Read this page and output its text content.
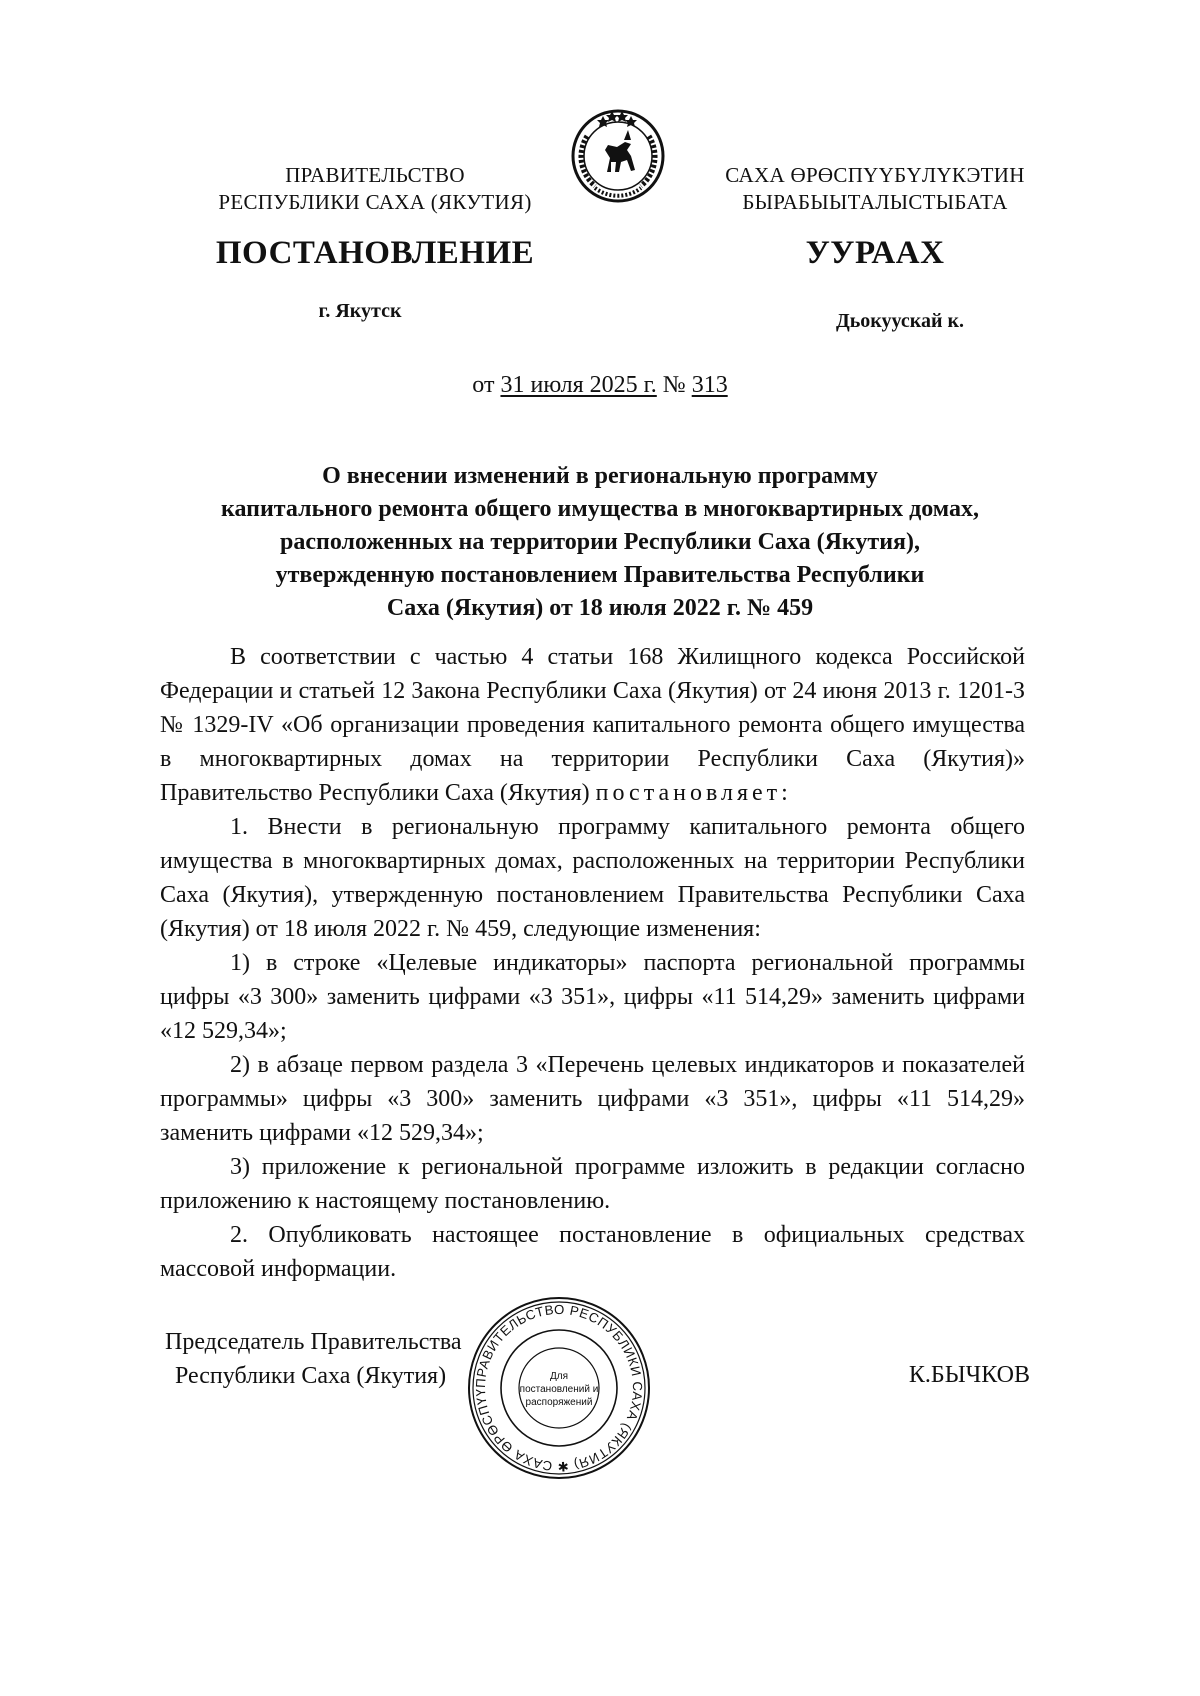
ПРАВИТЕЛЬСТВО
РЕСПУБЛИКИ САХА (ЯКУТИЯ)
САХА ӨРӨСПҮҮБҮЛҮКЭТИН
БЫРАБЫЫТАЛЫСТЫБАТА
ПОСТАНОВЛЕНИЕ	УУРААХ
г. Якутск	Дьокуускай к.
от 31 июля 2025 г. № 313
О внесении изменений в региональную программу
капитального ремонта общего имущества в многоквартирных домах,
расположенных на территории Республики Саха (Якутия),
утвержденную постановлением Правительства Республики
Саха (Якутия) от 18 июля 2022 г. № 459

В соответствии с частью 4 статьи 168 Жилищного кодекса Российской Федерации и статьей 12 Закона Республики Саха (Якутия) от 24 июня 2013 г. 1201-З № 1329-IV «Об организации проведения капитального ремонта общего имущества в многоквартирных домах на территории Республики Саха (Якутия)» Правительство Республики Саха (Якутия) постановляет:

1. Внести в региональную программу капитального ремонта общего имущества в многоквартирных домах, расположенных на территории Республики Саха (Якутия), утвержденную постановлением Правительства Республики Саха (Якутия) от 18 июля 2022 г. № 459, следующие изменения:

1) в строке «Целевые индикаторы» паспорта региональной программы цифры «3 300» заменить цифрами «3 351», цифры «11 514,29» заменить цифрами «12 529,34»;

2) в абзаце первом раздела 3 «Перечень целевых индикаторов и показателей программы» цифры «3 300» заменить цифрами «3 351», цифры «11 514,29» заменить цифрами «12 529,34»;

3) приложение к региональной программе изложить в редакции согласно приложению к настоящему постановлению.

2. Опубликовать настоящее постановление в официальных средствах массовой информации.

Председатель Правительства
Республики Саха (Якутия)	К.БЫЧКОВ
ПРАВИТЕЛЬСТВО РЕСПУБЛИКИ САХА (ЯКУТИЯ) ✱ САХА ӨРӨСПҮҮ
Для
постановлений и
распоряжений
